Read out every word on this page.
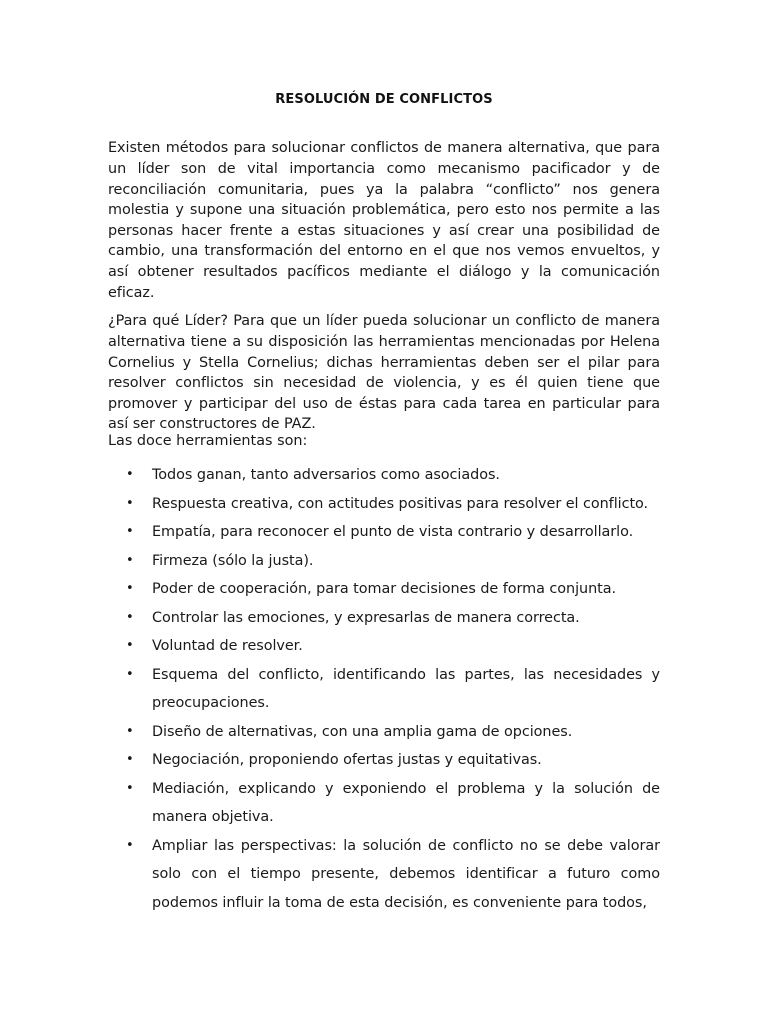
RESOLUCIÓN DE CONFLICTOS

Existen métodos para solucionar conflictos de manera alternativa, que para un líder son de vital importancia como mecanismo pacificador y de reconciliación comunitaria, pues ya la palabra “conflicto” nos genera molestia y supone una situación problemática, pero esto nos permite a las personas hacer frente a estas situaciones y así crear una posibilidad de cambio, una transformación del entorno en el que nos vemos envueltos, y así obtener resultados pacíficos mediante el diálogo y la comunicación eficaz.

¿Para qué Líder? Para que un líder pueda solucionar un conflicto de manera alternativa tiene a su disposición las herramientas mencionadas por Helena Cornelius y Stella Cornelius; dichas herramientas deben ser el pilar para resolver conflictos sin necesidad de violencia, y es él quien tiene que promover y participar del uso de éstas para cada tarea en particular para así ser constructores de PAZ.

Las doce herramientas son:
• Todos ganan, tanto adversarios como asociados.
• Respuesta creativa, con actitudes positivas para resolver el conflicto.
• Empatía, para reconocer el punto de vista contrario y desarrollarlo.
• Firmeza (sólo la justa).
• Poder de cooperación, para tomar decisiones de forma conjunta.
• Controlar las emociones, y expresarlas de manera correcta.
• Voluntad de resolver.
• Esquema del conflicto, identificando las partes, las necesidades y preocupaciones.
• Diseño de alternativas, con una amplia gama de opciones.
• Negociación, proponiendo ofertas justas y equitativas.
• Mediación, explicando y exponiendo el problema y la solución de manera objetiva.
• Ampliar las perspectivas: la solución de conflicto no se debe valorar solo con el tiempo presente, debemos identificar a futuro como podemos influir la toma de esta decisión, es conveniente para todos,
